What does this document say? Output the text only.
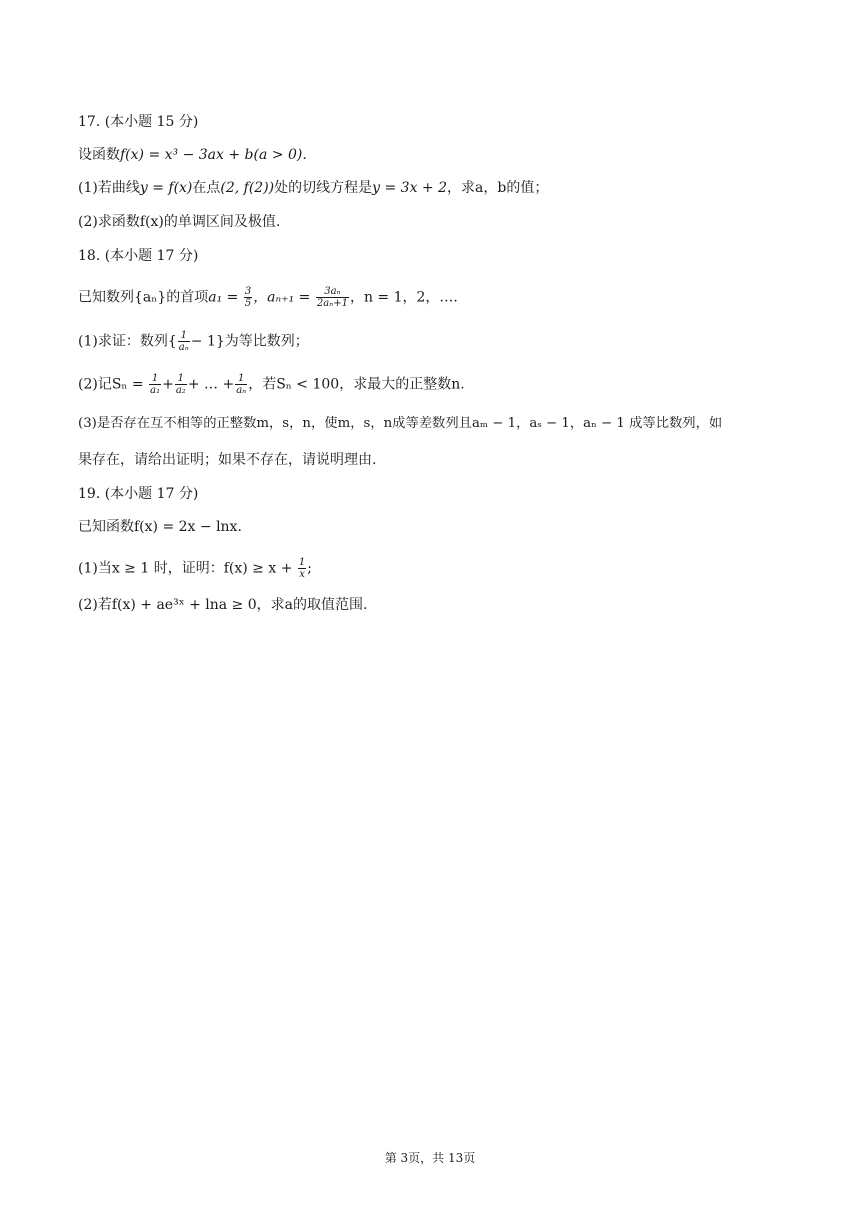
17. (本小题 15 分)
设函数f(x) = x³ − 3ax + b(a > 0).
(1)若曲线y = f(x)在点(2, f(2))处的切线方程是y = 3x + 2，求a，b的值；
(2)求函数f(x)的单调区间及极值.
18. (本小题 17 分)
已知数列{aₙ}的首项$a_1 = \frac{3}{5}$ ，$a_{n+1} = \frac{\text{3aₙ}}{\text{2aₙ+1}}$ ，n = 1，2，….
(1)求证：数列{ $\frac{1}{\text{aₙ}} - 1$}为等比数列；
(2)记$S_n = \frac{1}{\text{a₁}} + \frac{1}{\text{a₂}}$ + … + $\frac{1}{\text{aₙ}}$ ，若Sₙ < 100，求最大的正整数n.
(3)是否存在互不相等的正整数m，s，n，使m，s，n成等差数列且aₘ − 1，aₛ − 1，aₙ − 1 成等比数列，如
果存在，请给出证明；如果不存在，请说明理由.
19. (本小题 17 分)
已知函数f(x) = 2x − lnx.
(1)当x ≥ 1 时，证明：$f(x) \ge x + \frac{1}{x}$ ;
(2)若f(x) + ae³ˣ + lna ≥ 0，求a的取值范围.
第 3页，共 13页
